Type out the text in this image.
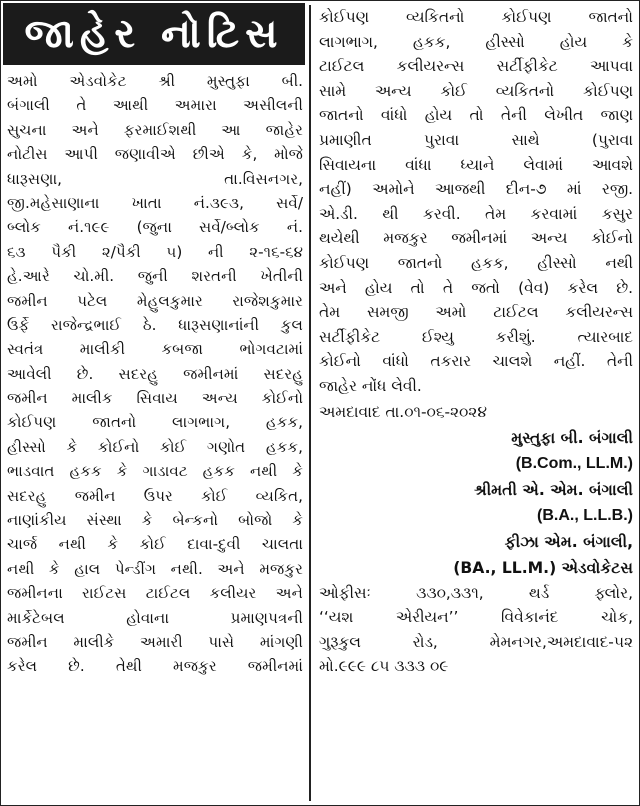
જાહેર નોટિસ
અમો એડવોકેટ શ્રી મુસ્તુફા બી.
બંગાલી તે આથી અમારા અસીલની
સુચના અને ફરમાઈશથી આ જાહેર
નોટીસ આપી જણાવીએ છીએ કે, મોજે
ધારૂસણા, તા.વિસનગર,
જી.મહેસાણાના ખાતા નં.૩૯૩, સર્વે/
બ્લોક નં.૧૯૯ (જુના સર્વે/બ્લોક નં.
૬૩ પૈકી ૨/પૈકી ૫) ની ૨-૧૬-૬૪
હે.આરે ચો.મી. જુની શરતની ખેતીની
જમીન પટેલ મેહુલકુમાર રાજેશકુમાર
ઉર્ફે રાજેન્દ્રભાઈ ઠે. ધારૂસણાનાંની કુલ
સ્વતંત્ર માલીકી કબજા ભોગવટામાં
આવેલી છે. સદરહુ જમીનમાં સદરહુ
જમીન માલીક સિવાય અન્ય કોઈનો
કોઈપણ જાતનો લાગભાગ, હકક,
હીસ્સો કે કોઈનો કોઈ ગણોત હકક,
ભાડવાત હકક કે ગાડાવટ હકક નથી કે
સદરહુ જમીન ઉપર કોઈ વ્યકિત,
નાણાંકીય સંસ્થા કે બેન્કનો બોજો કે
ચાર્જ નથી કે કોઈ દાવા-દુવી ચાલતા
નથી કે હાલ પેન્ડીંગ નથી. અને મજકુર
જમીનના રાઈટસ ટાઈટલ કલીયર અને
માર્કેટેબલ હોવાના પ્રમાણપત્રની
જમીન માલીકે અમારી પાસે માંગણી
કરેલ છે. તેથી મજકુર જમીનમાં
કોઈપણ વ્યકિતનો કોઈપણ જાતનો
લાગભાગ, હકક, હીસ્સો હોય કે
ટાઈટલ કલીયરન્સ સર્ટીફીકેટ આપવા
સામે અન્ય કોઈ વ્યકિતનો કોઈપણ
જાતનો વાંધો હોય તો તેની લેખીત જાણ
પ્રમાણીત પુરાવા સાથે (પુરાવા
સિવાયના વાંધા ધ્યાને લેવામાં આવશે
નહીં) અમોને આજથી દીન-૭ માં રજી.
એ.ડી. થી કરવી. તેમ કરવામાં કસુર
થયેથી મજકુર જમીનમાં અન્ય કોઈનો
કોઈપણ જાતનો હકક, હીસ્સો નથી
અને હોય તો તે જતો (વેવ) કરેલ છે.
તેમ સમજી અમો ટાઈટલ કલીયરન્સ
સર્ટીફીકેટ ઈશ્યુ કરીશું. ત્યારબાદ
કોઈનો વાંધો તકરાર ચાલશે નહીં. તેની
જાહેર નોંધ લેવી.
અમદાવાદ તા.૦૧-૦૬-૨૦૨૪
મુસ્તુફા બી. બંગાલી
(B.Com., LL.M.)
શ્રીમતી એ. એમ. બંગાલી
(B.A., L.L.B.)
ફીઝા એમ. બંગાલી,
(BA., LL.M.) એડવોકેટસ
ઓફીસઃ ૩૩૦,૩૩૧, થર્ડ ફ્લોર,
‘‘યશ એરીયન’’ વિવેકાનંદ ચોક,
ગુરૂકુલ રોડ, મેમનગર,અમદાવાદ-૫૨
મો.૯૯૯ ૮૫ ૩૩૩ ૦૯
